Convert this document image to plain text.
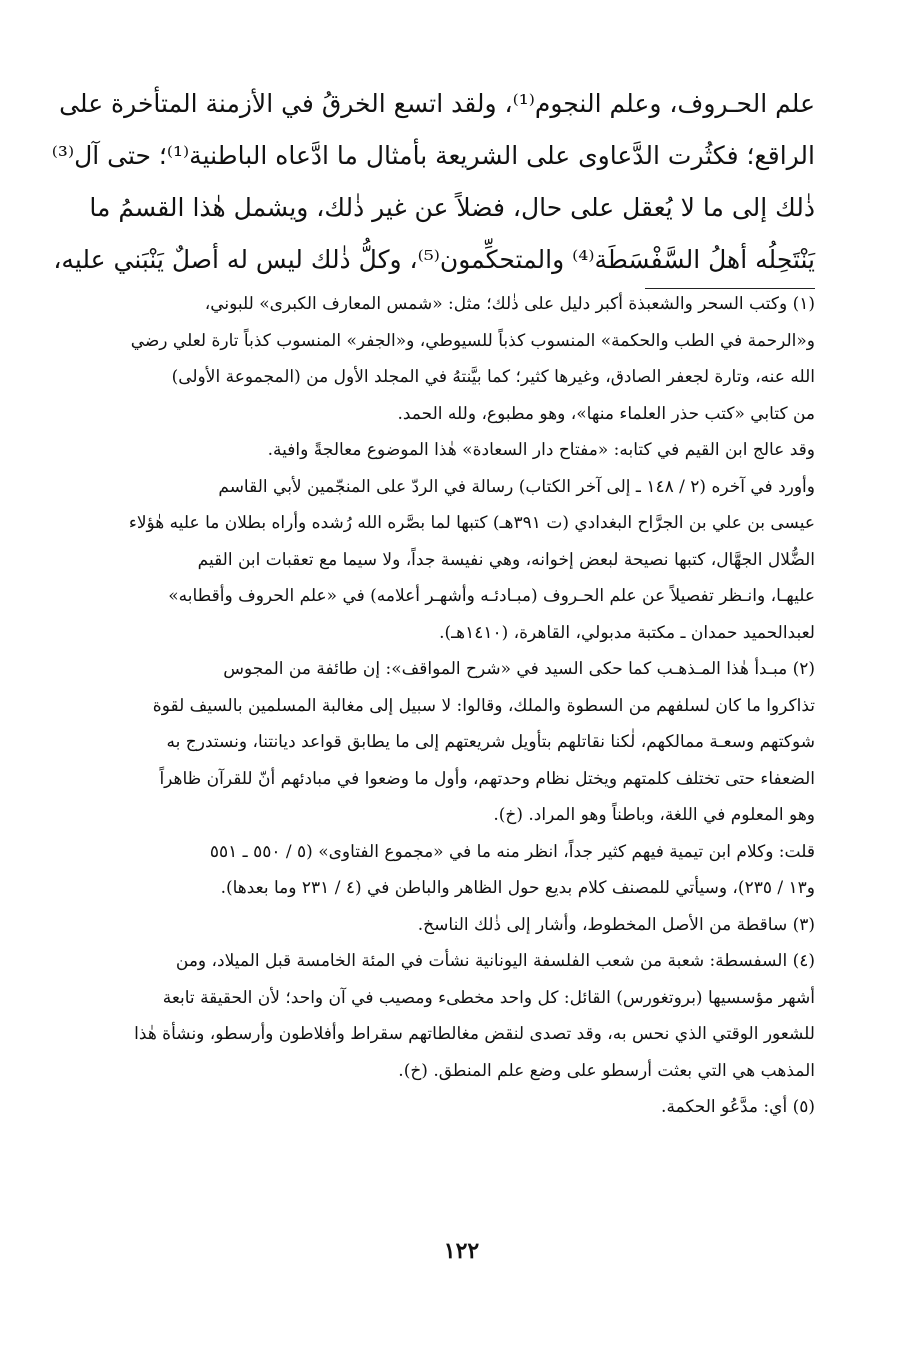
علم الحـروف، وعلم النجوم⁽¹⁾، ولقد اتسع الخرقُ في الأزمنة المتأخرة على
الراقع؛ فكثُرت الدَّعاوى على الشريعة بأمثال ما ادَّعاه الباطنية⁽¹⁾؛ حتى آل⁽³⁾
ذٰلك إلى ما لا يُعقل على حال، فضلاً عن غير ذٰلك، ويشمل هٰذا القسمُ ما
يَنْتَحِلُه أهلُ السَّفْسَطَة⁽⁴⁾ والمتحكِّمون⁽⁵⁾، وكلُّ ذٰلك ليس له أصلٌ يَنْبَني عليه،
(١) وكتب السحر والشعبذة أكبر دليل على ذٰلك؛ مثل: «شمس المعارف الكبرى» للبوني،
و«الرحمة في الطب والحكمة» المنسوب كذباً للسيوطي، و«الجفر» المنسوب كذباً تارة لعلي رضي
الله عنه، وتارة لجعفر الصادق، وغيرها كثير؛ كما بيَّنتهُ في المجلد الأول من (المجموعة الأولى)
من كتابي «كتب حذر العلماء منها»، وهو مطبوع، ولله الحمد.
وقد عالج ابن القيم في كتابه: «مفتاح دار السعادة» هٰذا الموضوع معالجةً وافية.
وأورد في آخره (٢ / ١٤٨ ـ إلى آخر الكتاب) رسالة في الردّ على المنجّمين لأبي القاسم
عيسى بن علي بن الجرَّاح البغدادي (ت ٣٩١هـ) كتبها لما بصَّره الله رُشده وأراه بطلان ما عليه هٰؤلاء
الضُّلال الجهَّال، كتبها نصيحة لبعض إخوانه، وهي نفيسة جداً، ولا سيما مع تعقبات ابن القيم
عليهـا، وانـظر تفصيلاً عن علم الحـروف (مبـادئـه وأشهـر أعلامه) في «علم الحروف وأقطابه»
لعبدالحميد حمدان ـ مكتبة مدبولي، القاهرة، (١٤١٠هـ).
(٢) مبـدأ هٰذا المـذهـب كما حكى السيد في «شرح المواقف»: إن طائفة من المجوس
تذاكروا ما كان لسلفهم من السطوة والملك، وقالوا: لا سبيل إلى مغالبة المسلمين بالسيف لقوة
شوكتهم وسعـة ممالكهم، لٰكنا نقاتلهم بتأويل شريعتهم إلى ما يطابق قواعد ديانتنا، ونستدرج به
الضعفاء حتى تختلف كلمتهم ويختل نظام وحدتهم، وأول ما وضعوا في مبادئهم أنّ للقرآن ظاهراً
وهو المعلوم في اللغة، وباطناً وهو المراد. (خ).
قلت: وكلام ابن تيمية فيهم كثير جداً، انظر منه ما في «مجموع الفتاوى» (٥ / ٥٥٠ ـ ٥٥١
و١٣ / ٢٣٥)، وسيأتي للمصنف كلام بديع حول الظاهر والباطن في (٤ / ٢٣١ وما بعدها).
(٣) ساقطة من الأصل المخطوط، وأشار إلى ذٰلك الناسخ.
(٤) السفسطة: شعبة من شعب الفلسفة اليونانية نشأت في المئة الخامسة قبل الميلاد، ومن
أشهر مؤسسيها (بروتغورس) القائل: كل واحد مخطىء ومصيب في آن واحد؛ لأن الحقيقة تابعة
للشعور الوقتي الذي نحس به، وقد تصدى لنقض مغالطاتهم سقراط وأفلاطون وأرسطو، ونشأة هٰذا
المذهب هي التي بعثت أرسطو على وضع علم المنطق. (خ).
(٥) أي: مدَّعُو الحكمة.
١٢٢
